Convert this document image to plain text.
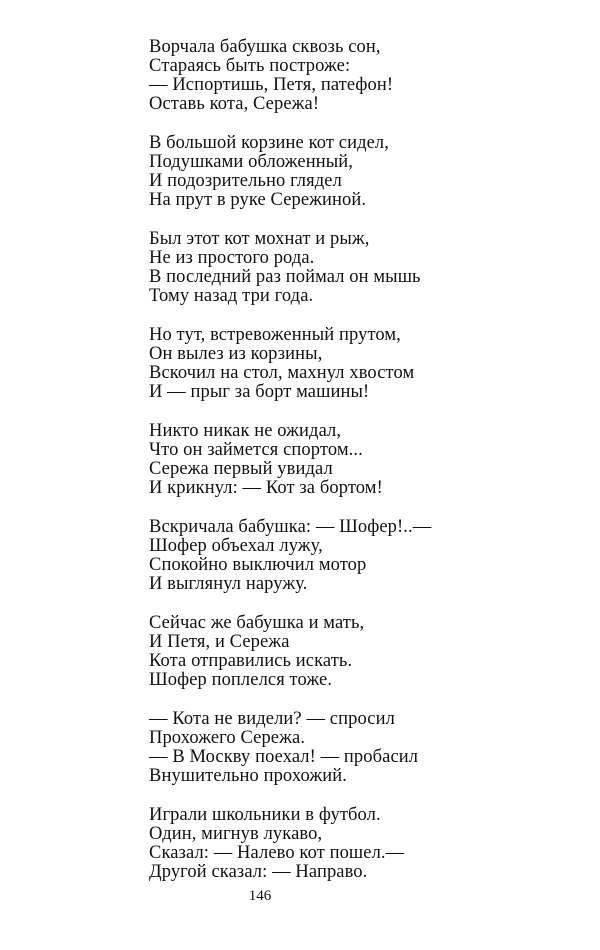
Ворчала бабушка сквозь сон,
Стараясь быть построже:
— Испортишь, Петя, патефон!
Оставь кота, Сережа!
В большой корзине кот сидел,
Подушками обложенный,
И подозрительно глядел
На прут в руке Сережиной.
Был этот кот мохнат и рыж,
Не из простого рода.
В последний раз поймал он мышь
Тому назад три года.
Но тут, встревоженный прутом,
Он вылез из корзины,
Вскочил на стол, махнул хвостом
И — прыг за борт машины!
Никто никак не ожидал,
Что он займется спортом...
Сережа первый увидал
И крикнул: — Кот за бортом!
Вскричала бабушка: — Шофер!..—
Шофер объехал лужу,
Спокойно выключил мотор
И выглянул наружу.
Сейчас же бабушка и мать,
И Петя, и Сережа
Кота отправились искать.
Шофер поплелся тоже.
— Кота не видели? — спросил
Прохожего Сережа.
— В Москву поехал! — пробасил
Внушительно прохожий.
Играли школьники в футбол.
Один, мигнув лукаво,
Сказал: — Налево кот пошел.—
Другой сказал: — Направо.
146
